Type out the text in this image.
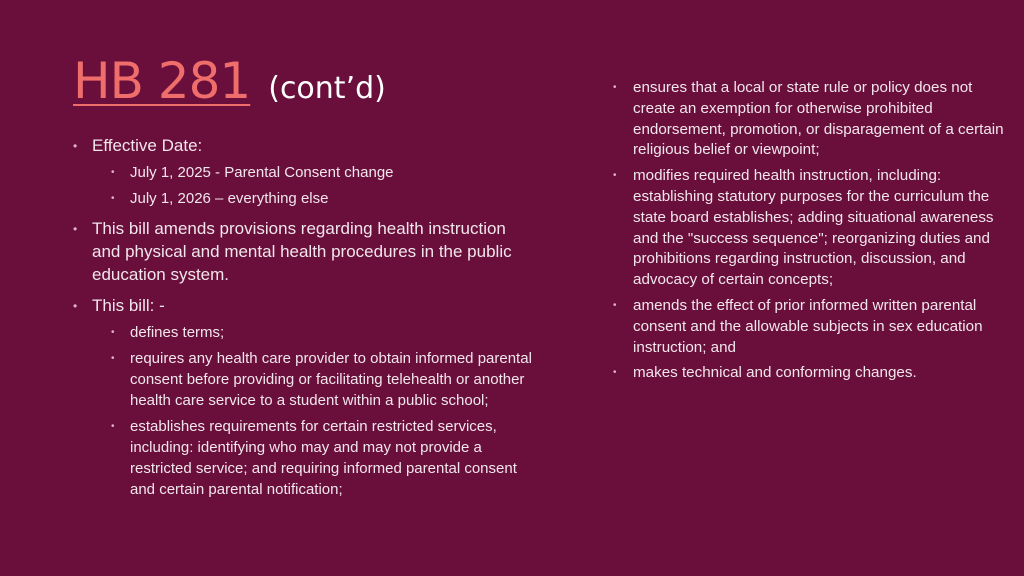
HB 281 (cont’d)
• Effective Date:
• July 1, 2025 - Parental Consent change
• July 1, 2026 – everything else
• This bill amends provisions regarding health instruction and physical and mental health procedures in the public education system.
• This bill: -
• defines terms;
• requires any health care provider to obtain informed parental consent before providing or facilitating telehealth or another health care service to a student within a public school;
• establishes requirements for certain restricted services, including: identifying who may and may not provide a restricted service; and requiring informed parental consent and certain parental notification;
• ensures that a local or state rule or policy does not create an exemption for otherwise prohibited endorsement, promotion, or disparagement of a certain religious belief or viewpoint;
• modifies required health instruction, including: establishing statutory purposes for the curriculum the state board establishes; adding situational awareness and the "success sequence"; reorganizing duties and prohibitions regarding instruction, discussion, and advocacy of certain concepts;
• amends the effect of prior informed written parental consent and the allowable subjects in sex education instruction; and
• makes technical and conforming changes.
